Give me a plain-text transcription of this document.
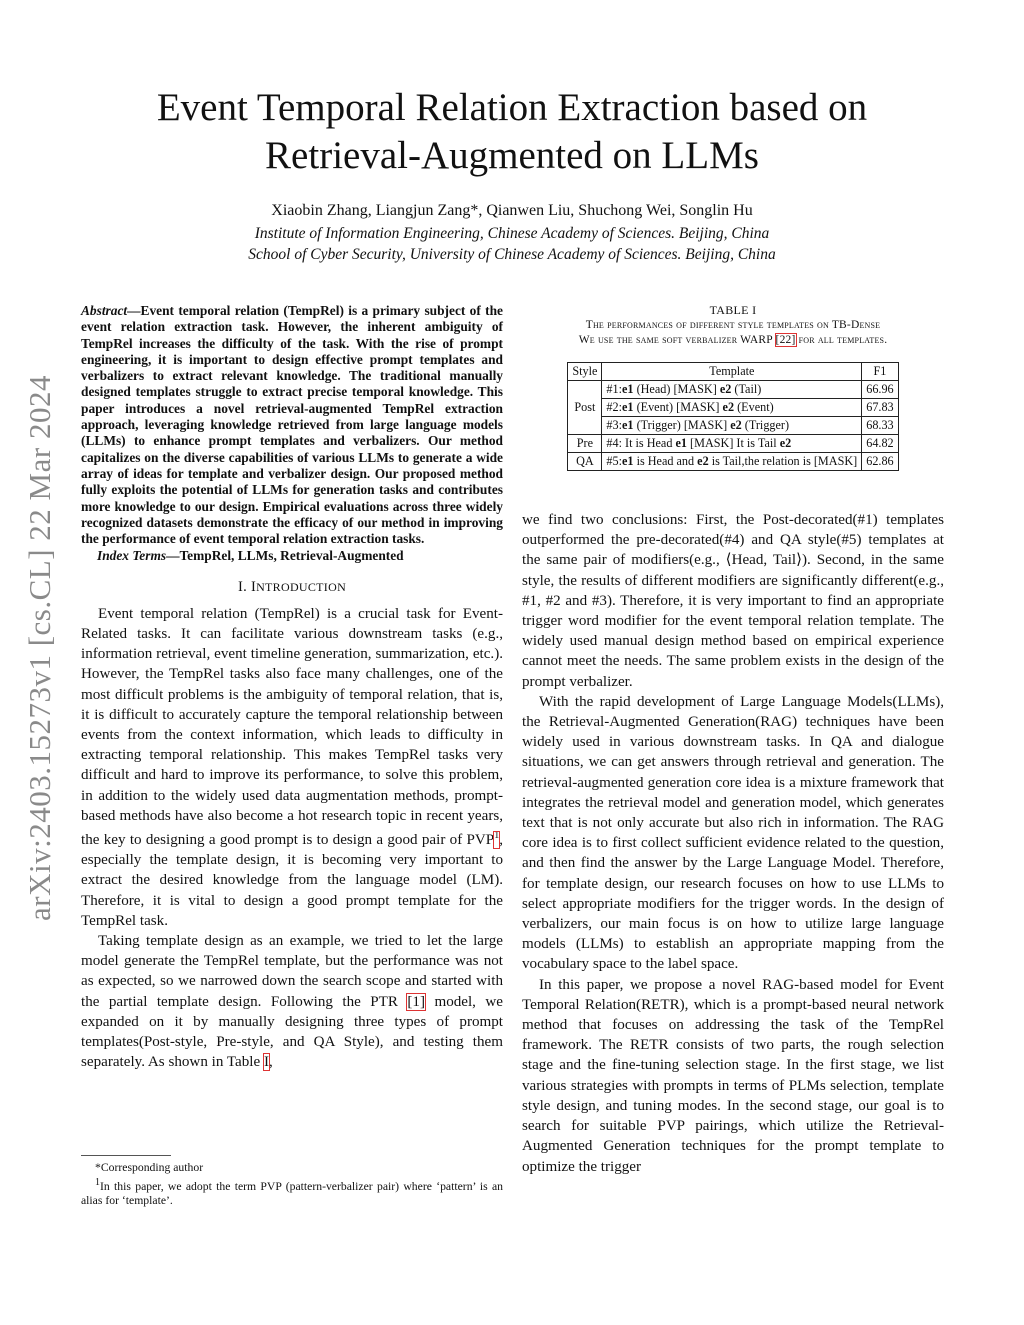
arXiv:2403.15273v1 [cs.CL] 22 Mar 2024
Event Temporal Relation Extraction based on
Retrieval-Augmented on LLMs
Xiaobin Zhang, Liangjun Zang*, Qianwen Liu, Shuchong Wei, Songlin Hu
Institute of Information Engineering, Chinese Academy of Sciences. Beijing, China
School of Cyber Security, University of Chinese Academy of Sciences. Beijing, China
Abstract—Event temporal relation (TempRel) is a primary subject of the event relation extraction task. However, the inherent ambiguity of TempRel increases the difficulty of the task. With the rise of prompt engineering, it is important to design effective prompt templates and verbalizers to extract relevant knowledge. The traditional manually designed templates struggle to extract precise temporal knowledge. This paper introduces a novel retrieval-augmented TempRel extraction approach, leveraging knowledge retrieved from large language models (LLMs) to enhance prompt templates and verbalizers. Our method capitalizes on the diverse capabilities of various LLMs to generate a wide array of ideas for template and verbalizer design. Our proposed method fully exploits the potential of LLMs for generation tasks and contributes more knowledge to our design. Empirical evaluations across three widely recognized datasets demonstrate the efficacy of our method in improving the performance of event temporal relation extraction tasks.
Index Terms—TempRel, LLMs, Retrieval-Augmented
I. INTRODUCTION

Event temporal relation (TempRel) is a crucial task for Event-Related tasks. It can facilitate various downstream tasks (e.g., information retrieval, event timeline generation, summarization, etc.). However, the TempRel tasks also face many challenges, one of the most difficult problems is the ambiguity of temporal relation, that is, it is difficult to accurately capture the temporal relationship between events from the context information, which leads to difficulty in extracting temporal relationship. This makes TempRel tasks very difficult and hard to improve its performance, to solve this problem, in addition to the widely used data augmentation methods, prompt-based methods have also become a hot research topic in recent years, the key to designing a good prompt is to design a good pair of PVP$^1$, especially the template design, it is becoming very important to extract the desired knowledge from the language model (LM). Therefore, it is vital to design a good prompt template for the TempRel task.

Taking template design as an example, we tried to let the large model generate the TempRel template, but the performance was not as expected, so we narrowed down the search scope and started with the partial template design. Following the PTR [1] model, we expanded on it by manually designing three types of prompt templates(Post-style, Pre-style, and QA Style), and testing them separately. As shown in Table I,

*Corresponding author
$^1$In this paper, we adopt the term PVP (pattern-verbalizer pair) where ‘pattern’ is an alias for ‘template’.
TABLE I
The performances of different style templates on TB-Dense
We use the same soft verbalizer WARP [22] for all templates.
Style	Template	F1
Post	#1:e1 (Head) [MASK] e2 (Tail)	66.96
	#2:e1 (Event) [MASK] e2 (Event)	67.83
	#3:e1 (Trigger) [MASK] e2 (Trigger)	68.33
Pre	#4: It is Head e1 [MASK] It is Tail e2	64.82
QA	#5:e1 is Head and e2 is Tail,the relation is [MASK]	62.86

we find two conclusions: First, the Post-decorated(#1) templates outperformed the pre-decorated(#4) and QA style(#5) templates at the same pair of modifiers(e.g., ⟨Head, Tail⟩). Second, in the same style, the results of different modifiers are significantly different(e.g., #1, #2 and #3). Therefore, it is very important to find an appropriate trigger word modifier for the event temporal relation template. The widely used manual design method based on empirical experience cannot meet the needs. The same problem exists in the design of the prompt verbalizer.

With the rapid development of Large Language Models(LLMs), the Retrieval-Augmented Generation(RAG) techniques have been widely used in various downstream tasks. In QA and dialogue situations, we can get answers through retrieval and generation. The retrieval-augmented generation core idea is a mixture framework that integrates the retrieval model and generation model, which generates text that is not only accurate but also rich in information. The RAG core idea is to first collect sufficient evidence related to the question, and then find the answer by the Large Language Model. Therefore, for template design, our research focuses on how to use LLMs to select appropriate modifiers for the trigger words. In the design of verbalizers, our main focus is on how to utilize large language models (LLMs) to establish an appropriate mapping from the vocabulary space to the label space.

In this paper, we propose a novel RAG-based model for Event Temporal Relation(RETR), which is a prompt-based neural network method that focuses on addressing the task of the TempRel framework. The RETR consists of two parts, the rough selection stage and the fine-tuning selection stage. In the first stage, we list various strategies with prompts in terms of PLMs selection, template style design, and tuning modes. In the second stage, our goal is to search for suitable PVP pairings, which utilize the Retrieval-Augmented Generation techniques for the prompt template to optimize the trigger
